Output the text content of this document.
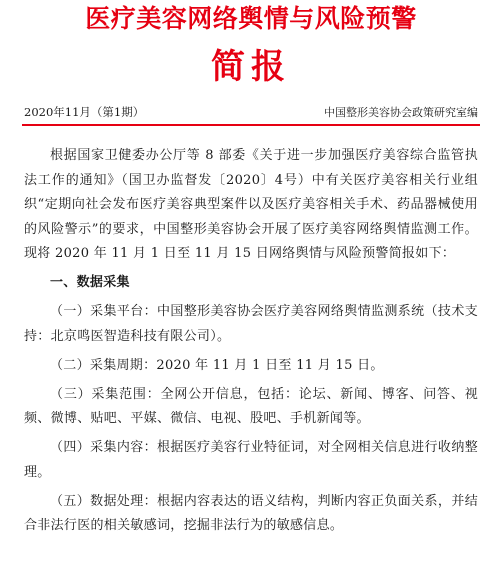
医疗美容网络舆情与风险预警
简报
2020年11月（第1期）	中国整形美容协会政策研究室编

根据国家卫健委办公厅等 8 部委《关于进一步加强医疗美容综合监管执法工作的通知》（国卫办监督发〔2020〕4号）中有关医疗美容相关行业组织“定期向社会发布医疗美容典型案件以及医疗美容相关手术、药品器械使用的风险警示”的要求，中国整形美容协会开展了医疗美容网络舆情监测工作。现将 2020 年 11 月 1 日至 11 月 15 日网络舆情与风险预警简报如下：

一、数据采集

（一）采集平台：中国整形美容协会医疗美容网络舆情监测系统（技术支持：北京鸣医智造科技有限公司）。

（二）采集周期：2020 年 11 月 1 日至 11 月 15 日。

（三）采集范围：全网公开信息，包括：论坛、新闻、博客、问答、视频、微博、贴吧、平媒、微信、电视、股吧、手机新闻等。

（四）采集内容：根据医疗美容行业特征词，对全网相关信息进行收纳整理。

（五）数据处理：根据内容表达的语义结构，判断内容正负面关系，并结合非法行医的相关敏感词，挖掘非法行为的敏感信息。
